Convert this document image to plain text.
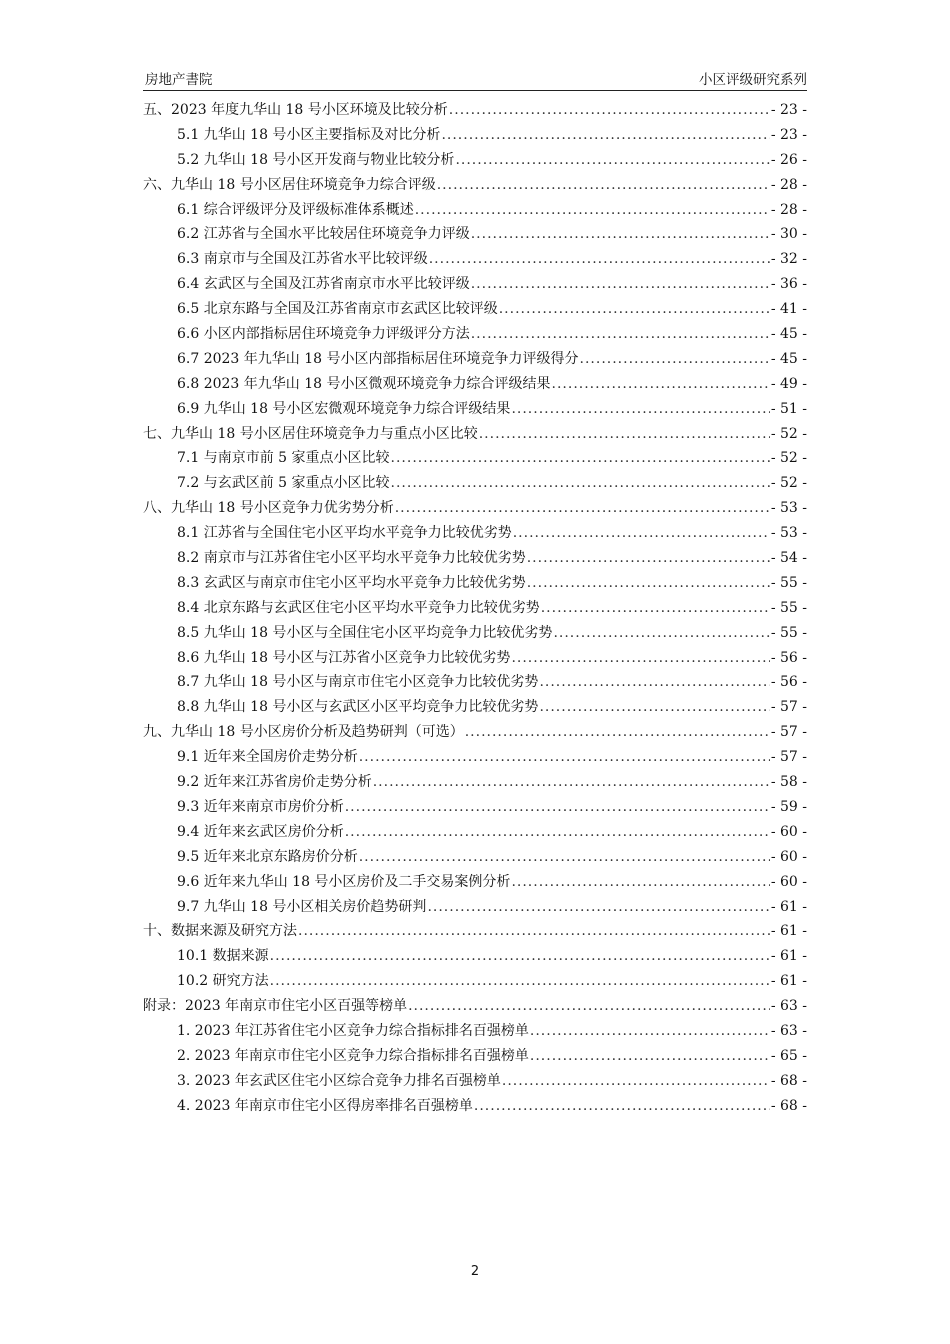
房地产書院	小区评级研究系列
五、2023 年度九华山 18 号小区环境及比较分析 .....	- 23 -
5.1 九华山 18 号小区主要指标及对比分析 .....	- 23 -
5.2 九华山 18 号小区开发商与物业比较分析 .....	- 26 -
六、九华山 18 号小区居住环境竞争力综合评级 .....	- 28 -
6.1 综合评级评分及评级标准体系概述 .....	- 28 -
6.2 江苏省与全国水平比较居住环境竞争力评级 .....	- 30 -
6.3 南京市与全国及江苏省水平比较评级 .....	- 32 -
6.4 玄武区与全国及江苏省南京市水平比较评级 .....	- 36 -
6.5 北京东路与全国及江苏省南京市玄武区比较评级 .....	- 41 -
6.6 小区内部指标居住环境竞争力评级评分方法 .....	- 45 -
6.7 2023 年九华山 18 号小区内部指标居住环境竞争力评级得分 .....	- 45 -
6.8 2023 年九华山 18 号小区微观环境竞争力综合评级结果 .....	- 49 -
6.9 九华山 18 号小区宏微观环境竞争力综合评级结果 .....	- 51 -
七、九华山 18 号小区居住环境竞争力与重点小区比较 .....	- 52 -
7.1 与南京市前 5 家重点小区比较 .....	- 52 -
7.2 与玄武区前 5 家重点小区比较 .....	- 52 -
八、九华山 18 号小区竞争力优劣势分析 .....	- 53 -
8.1 江苏省与全国住宅小区平均水平竞争力比较优劣势 .....	- 53 -
8.2 南京市与江苏省住宅小区平均水平竞争力比较优劣势 .....	- 54 -
8.3 玄武区与南京市住宅小区平均水平竞争力比较优劣势 .....	- 55 -
8.4 北京东路与玄武区住宅小区平均水平竞争力比较优劣势 .....	- 55 -
8.5 九华山 18 号小区与全国住宅小区平均竞争力比较优劣势 .....	- 55 -
8.6 九华山 18 号小区与江苏省小区竞争力比较优劣势 .....	- 56 -
8.7 九华山 18 号小区与南京市住宅小区竞争力比较优劣势 .....	- 56 -
8.8 九华山 18 号小区与玄武区小区平均竞争力比较优劣势 .....	- 57 -
九、九华山 18 号小区房价分析及趋势研判（可选） .....	- 57 -
9.1 近年来全国房价走势分析 .....	- 57 -
9.2 近年来江苏省房价走势分析 .....	- 58 -
9.3 近年来南京市房价分析 .....	- 59 -
9.4 近年来玄武区房价分析 .....	- 60 -
9.5 近年来北京东路房价分析 .....	- 60 -
9.6 近年来九华山 18 号小区房价及二手交易案例分析 .....	- 60 -
9.7 九华山 18 号小区相关房价趋势研判 .....	- 61 -
十、数据来源及研究方法 .....	- 61 -
10.1 数据来源 .....	- 61 -
10.2 研究方法 .....	- 61 -
附录：2023 年南京市住宅小区百强等榜单 .....	- 63 -
1. 2023 年江苏省住宅小区竞争力综合指标排名百强榜单 .....	- 63 -
2. 2023 年南京市住宅小区竞争力综合指标排名百强榜单 .....	- 65 -
3. 2023 年玄武区住宅小区综合竞争力排名百强榜单 .....	- 68 -
4. 2023 年南京市住宅小区得房率排名百强榜单 .....	- 68 -
2
